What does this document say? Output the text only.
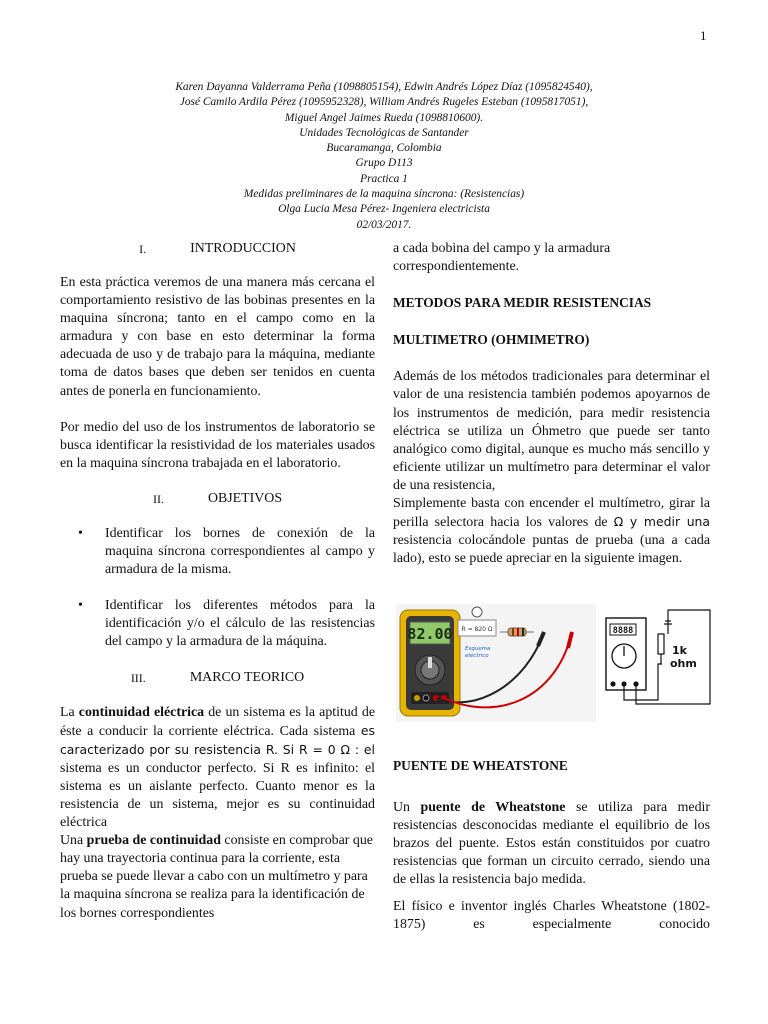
1
Karen Dayanna Valderrama Peña (1098805154), Edwin Andrés López Díaz (1095824540),
José Camilo Ardila Pérez (1095952328), William Andrés Rugeles Esteban (1095817051),
Miguel Angel Jaimes Rueda (1098810600).
Unidades Tecnológicas de Santander
Bucaramanga, Colombia
Grupo D113
Practica 1
Medidas preliminares de la maquina síncrona: (Resistencias)
Olga Lucia Mesa Pérez- Ingeniera electricista
02/03/2017.
I.	INTRODUCCION

En esta práctica veremos de una manera más cercana el comportamiento resistivo de las bobinas presentes en la maquina síncrona; tanto en el campo como en la armadura y con base en esto determinar la forma adecuada de uso y de trabajo para la máquina, mediante toma de datos bases que deben ser tenidos en cuenta antes de ponerla en funcionamiento.

Por medio del uso de los instrumentos de laboratorio se busca identificar la resistividad de los materiales usados en la maquina síncrona trabajada en el laboratorio.

II.	OBJETIVOS
• Identificar los bornes de conexión de la maquina síncrona correspondientes al campo y armadura de la misma.
• Identificar los diferentes métodos para la identificación y/o el cálculo de las resistencias del campo y la armadura de la máquina.
III.	MARCO TEORICO

La continuidad eléctrica de un sistema es la aptitud de éste a conducir la corriente eléctrica. Cada sistema es caracterizado por su resistencia R. Si R = 0 Ω : el sistema es un conductor perfecto. Si R es infinito: el sistema es un aislante perfecto. Cuanto menor es la resistencia de un sistema, mejor es su continuidad eléctrica

Una prueba de continuidad consiste en comprobar que hay una trayectoria continua para la corriente, esta prueba se puede llevar a cabo con un multímetro y para la maquina síncrona se realiza para la identificación de los bornes correspondientes

a cada bobina del campo y la armadura correspondientemente.

METODOS PARA MEDIR RESISTENCIAS
MULTIMETRO (OHMIMETRO)

Además de los métodos tradicionales para determinar el valor de una resistencia también podemos apoyarnos de los instrumentos de medición, para medir resistencia eléctrica se utiliza un Óhmetro que puede ser tanto analógico como digital, aunque es mucho más sencillo y eficiente utilizar un multímetro para determinar el valor de una resistencia,

Simplemente basta con encender el multímetro, girar la perilla selectora hacia los valores de Ω y medir una resistencia colocándole puntas de prueba (una a cada lado), esto se puede apreciar en la siguiente imagen.

82.00 R = 820 Ω
Esquema
eléctrico
8888
1k
ohm
PUENTE DE WHEATSTONE

Un puente de Wheatstone se utiliza para medir resistencias desconocidas mediante el equilibrio de los brazos del puente. Estos están constituidos por cuatro resistencias que forman un circuito cerrado, siendo una de ellas la resistencia bajo medida.

El físico e inventor inglés Charles Wheatstone (1802-1875) es especialmente conocido
